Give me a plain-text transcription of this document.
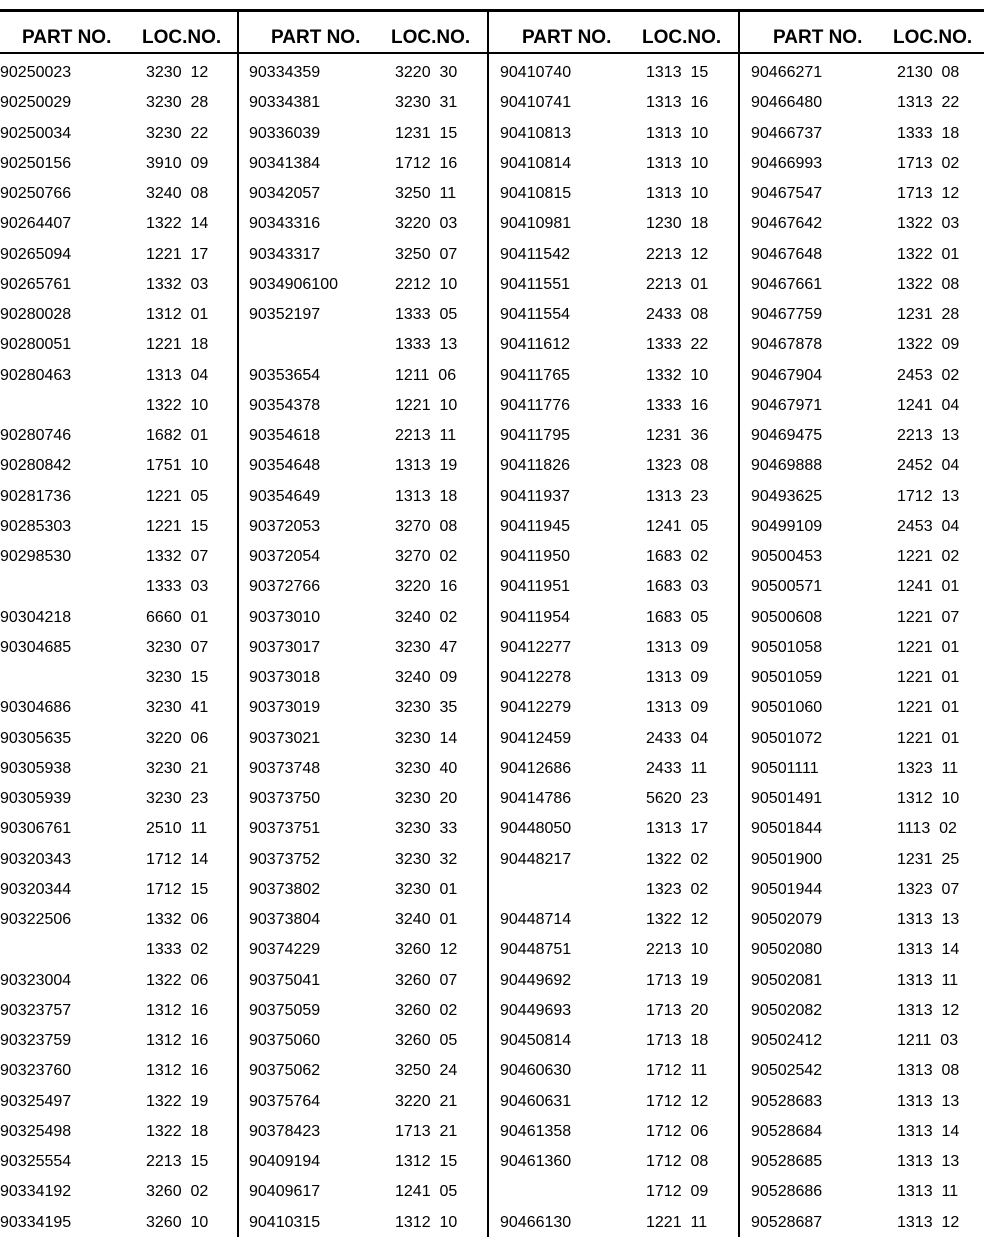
PART NO. LOC.NO.
90250023	3230  12
90250029	3230  28
90250034	3230  22
90250156	3910  09
90250766	3240  08
90264407	1322  14
90265094	1221  17
90265761	1332  03
90280028	1312  01
90280051	1221  18
90280463	1313  04
1322  10
90280746	1682  01
90280842	1751  10
90281736	1221  05
90285303	1221  15
90298530	1332  07
1333  03
90304218	6660  01
90304685	3230  07
3230  15
90304686	3230  41
90305635	3220  06
90305938	3230  21
90305939	3230  23
90306761	2510  11
90320343	1712  14
90320344	1712  15
90322506	1332  06
1333  02
90323004	1322  06
90323757	1312  16
90323759	1312  16
90323760	1312  16
90325497	1322  19
90325498	1322  18
90325554	2213  15
90334192	3260  02
90334195	3260  10
PART NO. LOC.NO.
90334359	3220  30
90334381	3230  31
90336039	1231  15
90341384	1712  16
90342057	3250  11
90343316	3220  03
90343317	3250  07
9034906100	2212  10
90352197	1333  05
1333  13
90353654	1211  06
90354378	1221  10
90354618	2213  11
90354648	1313  19
90354649	1313  18
90372053	3270  08
90372054	3270  02
90372766	3220  16
90373010	3240  02
90373017	3230  47
90373018	3240  09
90373019	3230  35
90373021	3230  14
90373748	3230  40
90373750	3230  20
90373751	3230  33
90373752	3230  32
90373802	3230  01
90373804	3240  01
90374229	3260  12
90375041	3260  07
90375059	3260  02
90375060	3260  05
90375062	3250  24
90375764	3220  21
90378423	1713  21
90409194	1312  15
90409617	1241  05
90410315	1312  10
PART NO. LOC.NO.
90410740	1313  15
90410741	1313  16
90410813	1313  10
90410814	1313  10
90410815	1313  10
90410981	1230  18
90411542	2213  12
90411551	2213  01
90411554	2433  08
90411612	1333  22
90411765	1332  10
90411776	1333  16
90411795	1231  36
90411826	1323  08
90411937	1313  23
90411945	1241  05
90411950	1683  02
90411951	1683  03
90411954	1683  05
90412277	1313  09
90412278	1313  09
90412279	1313  09
90412459	2433  04
90412686	2433  11
90414786	5620  23
90448050	1313  17
90448217	1322  02
1323  02
90448714	1322  12
90448751	2213  10
90449692	1713  19
90449693	1713  20
90450814	1713  18
90460630	1712  11
90460631	1712  12
90461358	1712  06
90461360	1712  08
1712  09
90466130	1221  11
PART NO. LOC.NO.
90466271	2130  08
90466480	1313  22
90466737	1333  18
90466993	1713  02
90467547	1713  12
90467642	1322  03
90467648	1322  01
90467661	1322  08
90467759	1231  28
90467878	1322  09
90467904	2453  02
90467971	1241  04
90469475	2213  13
90469888	2452  04
90493625	1712  13
90499109	2453  04
90500453	1221  02
90500571	1241  01
90500608	1221  07
90501058	1221  01
90501059	1221  01
90501060	1221  01
90501072	1221  01
90501111	1323  11
90501491	1312  10
90501844	1113  02
90501900	1231  25
90501944	1323  07
90502079	1313  13
90502080	1313  14
90502081	1313  11
90502082	1313  12
90502412	1211  03
90502542	1313  08
90528683	1313  13
90528684	1313  14
90528685	1313  13
90528686	1313  11
90528687	1313  12
